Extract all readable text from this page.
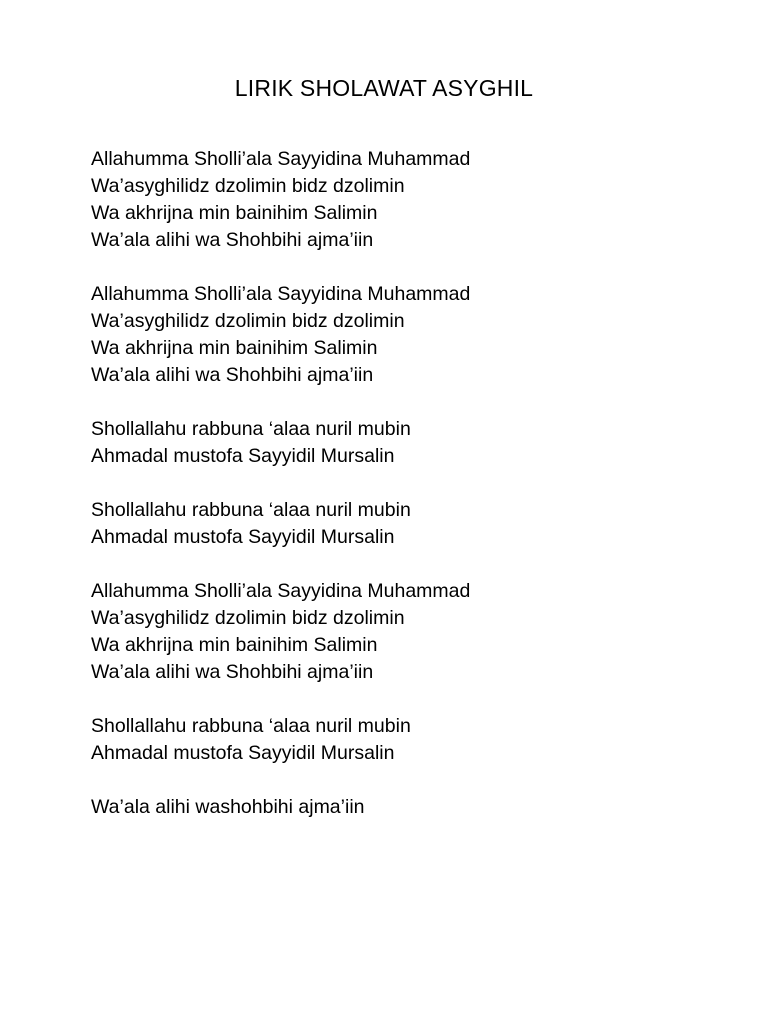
LIRIK SHOLAWAT ASYGHIL
Allahumma Sholli’ala Sayyidina Muhammad
Wa’asyghilidz dzolimin bidz dzolimin
Wa akhrijna min bainihim Salimin
Wa’ala alihi wa Shohbihi ajma’iin
Allahumma Sholli’ala Sayyidina Muhammad
Wa’asyghilidz dzolimin bidz dzolimin
Wa akhrijna min bainihim Salimin
Wa’ala alihi wa Shohbihi ajma’iin
Shollallahu rabbuna ‘alaa nuril mubin
Ahmadal mustofa Sayyidil Mursalin
Shollallahu rabbuna ‘alaa nuril mubin
Ahmadal mustofa Sayyidil Mursalin
Allahumma Sholli’ala Sayyidina Muhammad
Wa’asyghilidz dzolimin bidz dzolimin
Wa akhrijna min bainihim Salimin
Wa’ala alihi wa Shohbihi ajma’iin
Shollallahu rabbuna ‘alaa nuril mubin
Ahmadal mustofa Sayyidil Mursalin
Wa’ala alihi washohbihi ajma’iin
